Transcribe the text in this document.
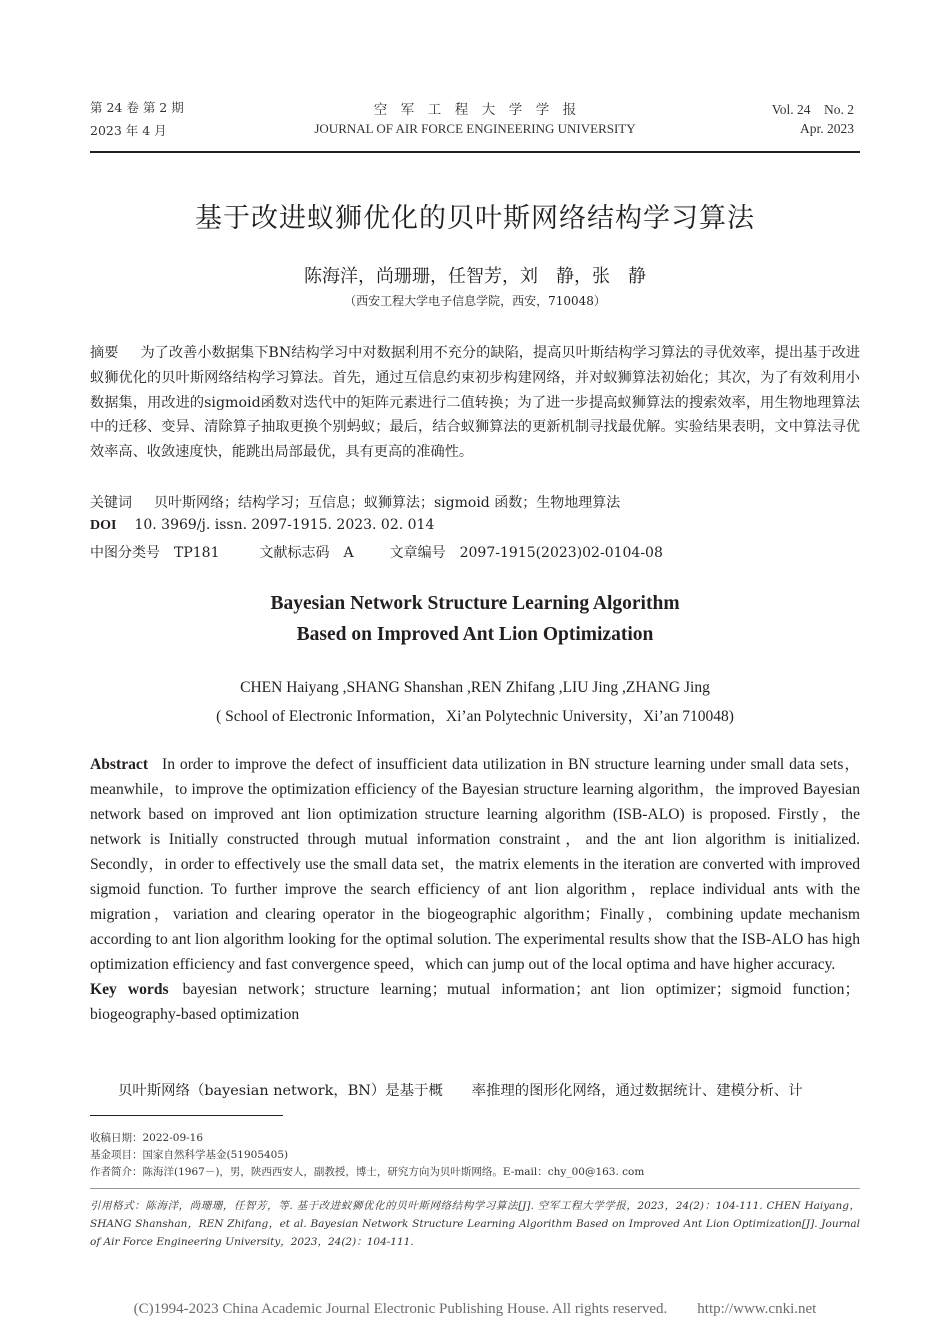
第 24 卷 第 2 期
2023 年 4 月
空　军　工　程　大　学　学　报
JOURNAL OF AIR FORCE ENGINEERING UNIVERSITY
Vol. 24　No. 2
Apr. 2023
基于改进蚁狮优化的贝叶斯网络结构学习算法
陈海洋，尚珊珊，任智芳，刘　静，张　静
（西安工程大学电子信息学院，西安，710048）
摘要 为了改善小数据集下BN结构学习中对数据利用不充分的缺陷，提高贝叶斯结构学习算法的寻优效率，提出基于改进蚁狮优化的贝叶斯网络结构学习算法。首先，通过互信息约束初步构建网络，并对蚁狮算法初始化；其次，为了有效利用小数据集，用改进的sigmoid函数对迭代中的矩阵元素进行二值转换；为了进一步提高蚁狮算法的搜索效率，用生物地理算法中的迁移、变异、清除算子抽取更换个别蚂蚁；最后，结合蚁狮算法的更新机制寻找最优解。实验结果表明，文中算法寻优效率高、收敛速度快，能跳出局部最优，具有更高的准确性。
关键词 贝叶斯网络；结构学习；互信息；蚁狮算法；sigmoid 函数；生物地理算法
DOI 10. 3969/j. issn. 2097-1915. 2023. 02. 014
中图分类号 TP181	文献标志码 A	文章编号 2097-1915(2023)02-0104-08
Bayesian Network Structure Learning Algorithm
Based on Improved Ant Lion Optimization
CHEN Haiyang ,SHANG Shanshan ,REN Zhifang ,LIU Jing ,ZHANG Jing
( School of Electronic Information，Xi’an Polytechnic University，Xi’an 710048)
Abstract In order to improve the defect of insufficient data utilization in BN structure learning under small data sets，meanwhile，to improve the optimization efficiency of the Bayesian structure learning algorithm，the improved Bayesian network based on improved ant lion optimization structure learning algorithm (ISB-ALO) is proposed. Firstly，the network is Initially constructed through mutual information constraint，and the ant lion algorithm is initialized. Secondly，in order to effectively use the small data set，the matrix elements in the iteration are converted with improved sigmoid function. To further improve the search efficiency of ant lion algorithm，replace individual ants with the migration，variation and clearing operator in the biogeographic algorithm；Finally，combining update mechanism according to ant lion algorithm looking for the optimal solution. The experimental results show that the ISB-ALO has high optimization efficiency and fast convergence speed，which can jump out of the local optima and have higher accuracy.
Key words bayesian network；structure learning；mutual information；ant lion optimizer；sigmoid function；biogeography-based optimization
贝叶斯网络（bayesian network，BN）是基于概　　率推理的图形化网络，通过数据统计、建模分析、计
收稿日期：2022-09-16
基金项目：国家自然科学基金(51905405)
作者简介：陈海洋(1967－)，男，陕西西安人，副教授，博士，研究方向为贝叶斯网络。E-mail：chy_00@163. com
引用格式：陈海洋，尚珊珊，任智芳，等. 基于改进蚁狮优化的贝叶斯网络结构学习算法[J]. 空军工程大学学报，2023，24(2)：104-111. CHEN Haiyang，SHANG Shanshan，REN Zhifang，et al. Bayesian Network Structure Learning Algorithm Based on Improved Ant Lion Optimization[J]. Journal of Air Force Engineering University，2023，24(2)：104-111.
(C)1994-2023 China Academic Journal Electronic Publishing House. All rights reserved.　　http://www.cnki.net
